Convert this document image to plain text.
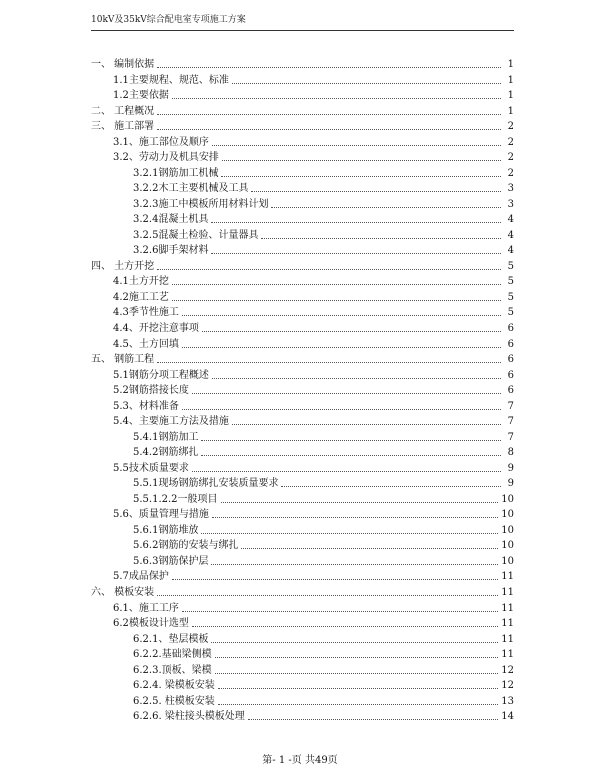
10kV及35kV综合配电室专项施工方案
一、 编制依据	1
1.1主要规程、规范、标准	1
1.2主要依据	1
二、 工程概况	1
三、 施工部署	2
3.1、施工部位及顺序	2
3.2、劳动力及机具安排	2
3.2.1钢筋加工机械	2
3.2.2木工主要机械及工具	3
3.2.3施工中模板所用材料计划	3
3.2.4混凝土机具	4
3.2.5混凝土检验、计量器具	4
3.2.6脚手架材料	4
四、 土方开挖	5
4.1土方开挖	5
4.2施工工艺	5
4.3季节性施工	5
4.4、开挖注意事项	6
4.5、土方回填	6
五、 钢筋工程	6
5.1钢筋分项工程概述	6
5.2钢筋搭接长度	6
5.3、材料准备	7
5.4、主要施工方法及措施	7
5.4.1钢筋加工	7
5.4.2钢筋绑扎	8
5.5技术质量要求	9
5.5.1现场钢筋绑扎安装质量要求	9
5.5.1.2.2一般项目	10
5.6、质量管理与措施	10
5.6.1钢筋堆放	10
5.6.2钢筋的安装与绑扎	10
5.6.3钢筋保护层	10
5.7成品保护	11
六、 模板安装	11
6.1、施工工序	11
6.2模板设计选型	11
6.2.1、垫层模板	11
6.2.2.基础梁侧模	11
6.2.3.顶板、梁模	12
6.2.4. 梁模板安装	12
6.2.5. 柱模板安装	13
6.2.6. 梁柱接头模板处理	14
第- 1 -页 共49页
